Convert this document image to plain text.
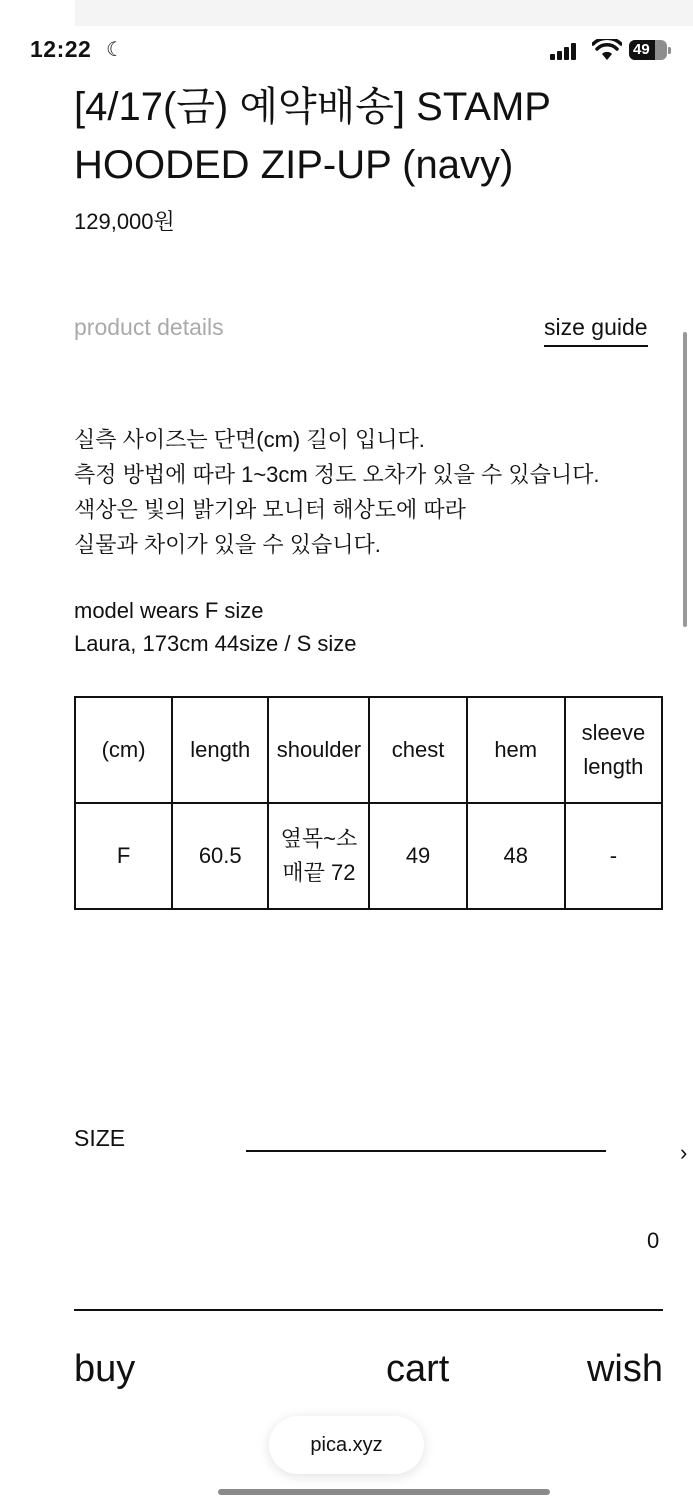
12:22 ☾	49
[4/17(금) 예약배송] STAMP HOODED ZIP-UP (navy)
129,000원
product details	size guide
실측 사이즈는 단면(cm) 길이 입니다.
측정 방법에 따라 1~3cm 정도 오차가 있을 수 있습니다.
색상은 빛의 밝기와 모니터 해상도에 따라
실물과 차이가 있을 수 있습니다.
model wears F size
Laura, 173cm 44size / S size
(cm)	length	shoulder	chest	hem	sleeve length
F	60.5	옆목~소매끝 72	49	48	-
SIZE
›
0
buy	cart	wish
pica.xyz
